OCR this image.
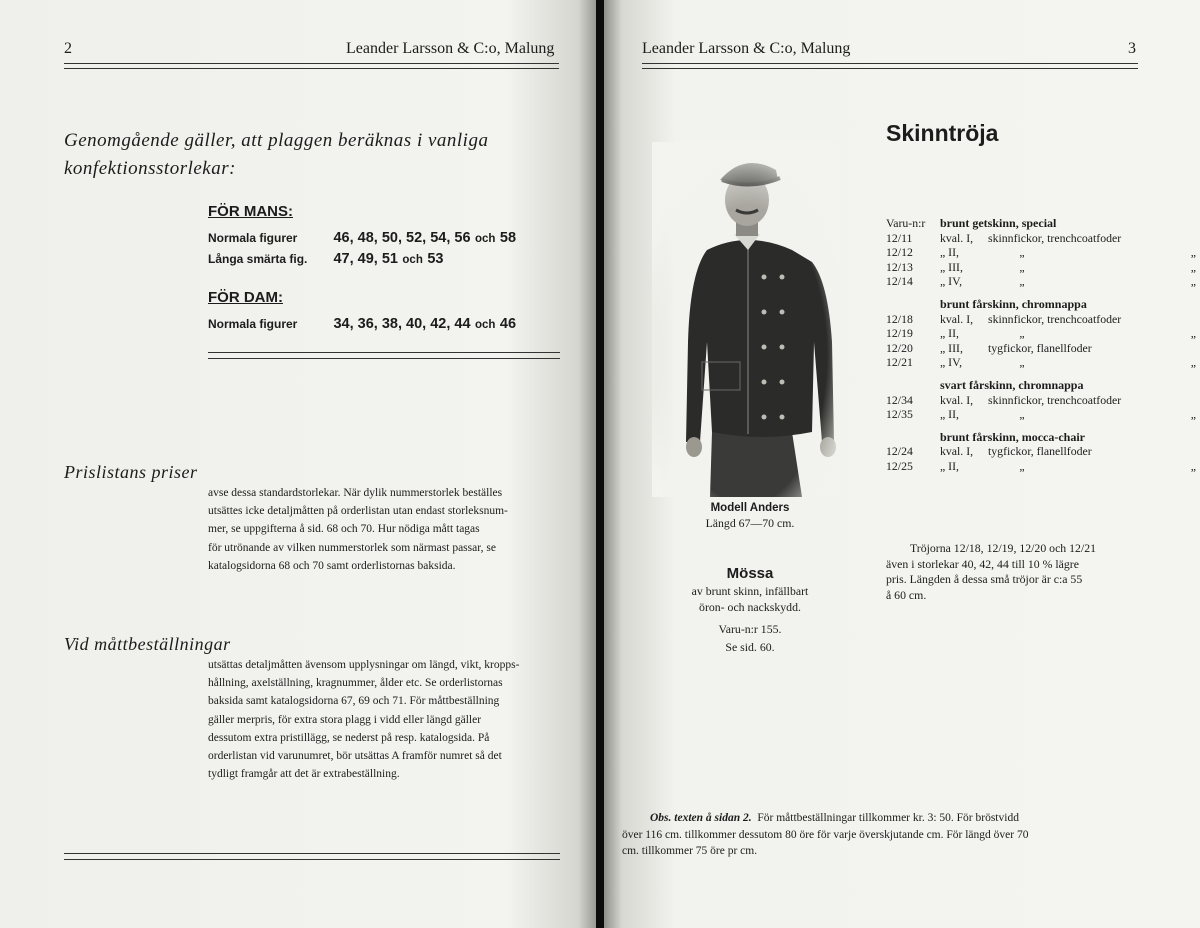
2	Leander Larsson & C:o, Malung
Genomgående gäller, att plaggen beräknas i vanliga
konfektionsstorlekar:
FÖR MANS:
Normala figurer 46, 48, 50, 52, 54, 56 och 58
Långa smärta fig. 47, 49, 51 och 53
FÖR DAM:
Normala figurer 34, 36, 38, 40, 42, 44 och 46
Prislistans priser
avse dessa standardstorlekar. När dylik nummerstorlek beställes
utsättes icke detaljmåtten på orderlistan utan endast storleksnum-
mer, se uppgifterna å sid. 68 och 70. Hur nödiga mått tagas
för utrönande av vilken nummerstorlek som närmast passar, se
katalogsidorna 68 och 70 samt orderlistornas baksida.
Vid måttbeställningar
utsättas detaljmåtten ävensom upplysningar om längd, vikt, kropps-
hållning, axelställning, kragnummer, ålder etc. Se orderlistornas
baksida samt katalogsidorna 67, 69 och 71. För måttbeställning
gäller merpris, för extra stora plagg i vidd eller längd gäller
dessutom extra pristillägg, se nederst på resp. katalogsida. På
orderlistan vid varunumret, bör utsättas A framför numret så det
tydligt framgår att det är extrabeställning.
Leander Larsson & C:o, Malung	3
Skinntröja
Modell Anders
Längd 67—70 cm.
Mössa
av brunt skinn, infällbart
öron- och nackskydd.
Varu-n:r 155.
Se sid. 60.
Varu-n:r	brunt getskinn, special			
12/11	kval. I,	skinnfickor, trenchcoatfoder		
12/12	„ II,	„		„
12/13	„ III,	„		„
12/14	„ IV,	„		„

	brunt fårskinn, chromnappa			
12/18	kval. I,	skinnfickor, trenchcoatfoder		
12/19	„ II,	„		„
12/20	„ III,	tygfickor, flanellfoder		
12/21	„ IV,	„		„

	svart fårskinn, chromnappa			
12/34	kval. I,	skinnfickor, trenchcoatfoder		
12/35	„ II,	„		„

	brunt fårskinn, mocca-chair			
12/24	kval. I,	tygfickor, flanellfoder		
12/25	„ II,	„		„
Tröjorna 12/18, 12/19, 12/20 och 12/21
även i storlekar 40, 42, 44 till 10 % lägre
pris. Längden å dessa små tröjor är c:a 55
å 60 cm.
Obs. texten å sidan 2. För måttbeställningar tillkommer kr. 3: 50. För bröstvidd
över 116 cm. tillkommer dessutom 80 öre för varje överskjutande cm. För längd över 70
cm. tillkommer 75 öre pr cm.
